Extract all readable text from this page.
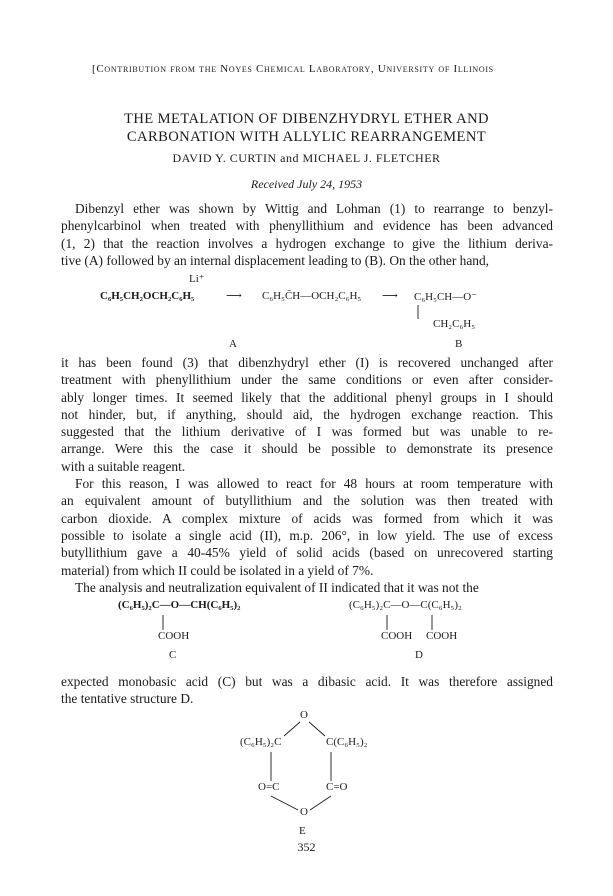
[Contribution from the Noyes Chemical Laboratory, University of Illinois
THE METALATION OF DIBENZHYDRYL ETHER AND
CARBONATION WITH ALLYLIC REARRANGEMENT
DAVID Y. CURTIN and MICHAEL J. FLETCHER
Received July 24, 1953
Dibenzyl ether was shown by Wittig and Lohman (1) to rearrange to benzyl-
phenylcarbinol when treated with phenyllithium and evidence has been advanced
(1, 2) that the reaction involves a hydrogen exchange to give the lithium deriva-
tive (A) followed by an internal displacement leading to (B). On the other hand,
Li⁺
C₆H₅CH₂OCH₂C₆H₅	⟶ C₆H₅C̄H—OCH₂C₆H₅ ⟶ C₆H₅CH—O⁻
CH₂C₆H₅
A	B
it has been found (3) that dibenzhydryl ether (I) is recovered unchanged after
treatment with phenyllithium under the same conditions or even after consider-
ably longer times. It seemed likely that the additional phenyl groups in I should
not hinder, but, if anything, should aid, the hydrogen exchange reaction. This
suggested that the lithium derivative of I was formed but was unable to re-
arrange. Were this the case it should be possible to demonstrate its presence
with a suitable reagent.
For this reason, I was allowed to react for 48 hours at room temperature with
an equivalent amount of butyllithium and the solution was then treated with
carbon dioxide. A complex mixture of acids was formed from which it was
possible to isolate a single acid (II), m.p. 206°, in low yield. The use of excess
butyllithium gave a 40-45% yield of solid acids (based on unrecovered starting
material) from which II could be isolated in a yield of 7%.
The analysis and neutralization equivalent of II indicated that it was not the
(C₆H₅)₂C—O—CH(C₆H₅)₂
COOH
C
(C₆H₅)₂C—O—C(C₆H₅)₂
COOH COOH
D
expected monobasic acid (C) but was a dibasic acid. It was therefore assigned
the tentative structure D.
O
(C₆H₅)₂C	C(C₆H₅)₂
O=C	C=O
O
E
352
